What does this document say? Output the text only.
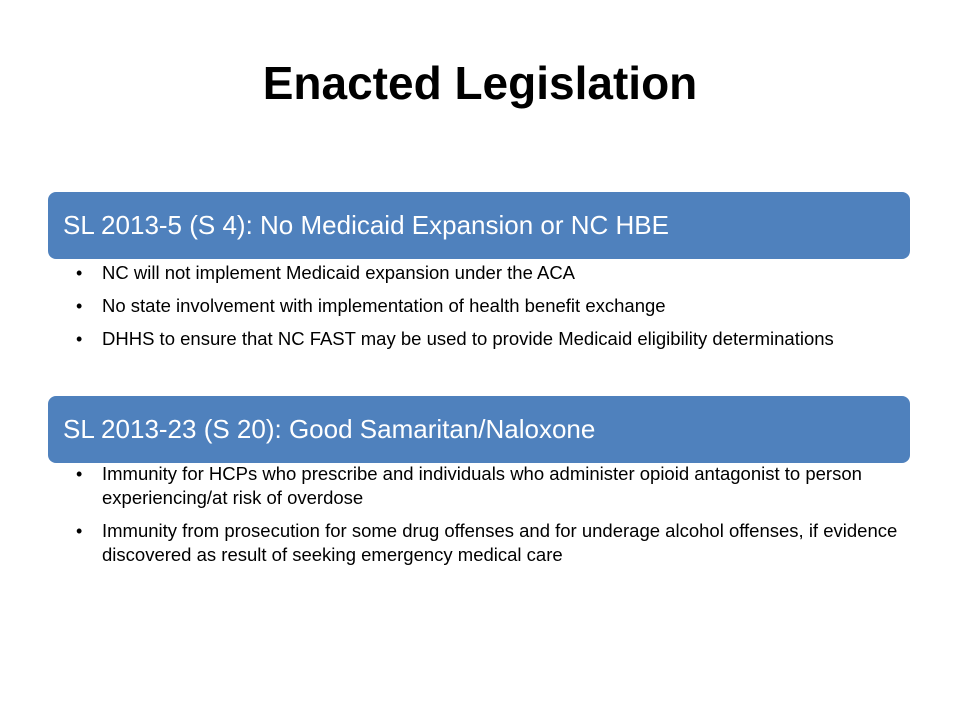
Enacted Legislation
SL 2013-5 (S 4): No Medicaid Expansion or NC HBE
• NC will not implement Medicaid expansion under the ACA
• No state involvement with implementation of health benefit exchange
• DHHS to ensure that NC FAST may be used to provide Medicaid eligibility determinations
SL 2013-23 (S 20): Good Samaritan/Naloxone
• Immunity for HCPs who prescribe and individuals who administer opioid antagonist to person experiencing/at risk of overdose
• Immunity from prosecution for some drug offenses and for underage alcohol offenses, if evidence discovered as result of seeking emergency medical care
